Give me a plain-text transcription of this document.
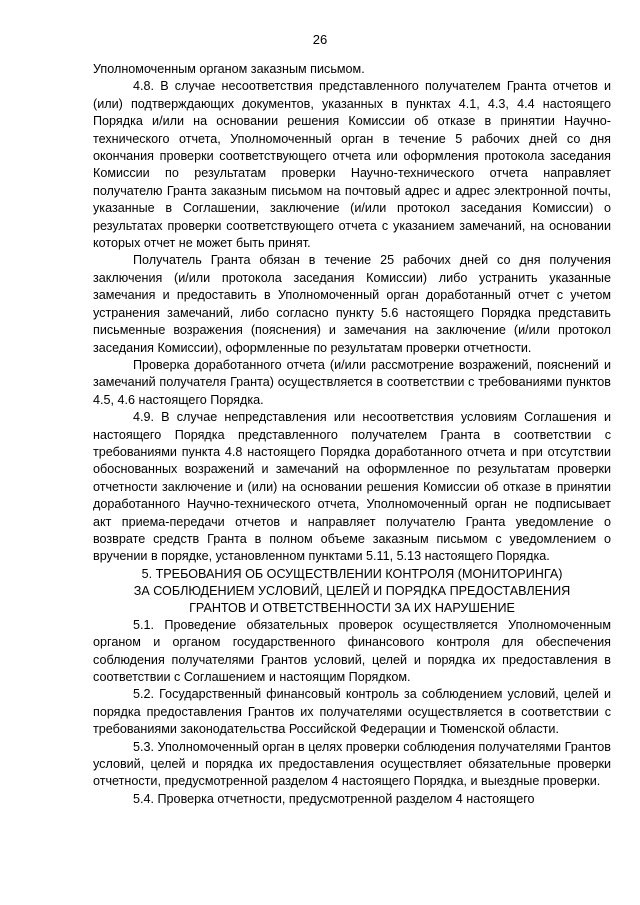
26

Уполномоченным органом заказным письмом.

4.8. В случае несоответствия представленного получателем Гранта отчетов и (или) подтверждающих документов, указанных в пунктах 4.1, 4.3, 4.4 настоящего Порядка и/или на основании решения Комиссии об отказе в принятии Научно-технического отчета, Уполномоченный орган в течение 5 рабочих дней со дня окончания проверки соответствующего отчета или оформления протокола заседания Комиссии по результатам проверки Научно-технического отчета направляет получателю Гранта заказным письмом на почтовый адрес и адрес электронной почты, указанные в Соглашении, заключение (и/или протокол заседания Комиссии) о результатах проверки соответствующего отчета с указанием замечаний, на основании которых отчет не может быть принят.

Получатель Гранта обязан в течение 25 рабочих дней со дня получения заключения (и/или протокола заседания Комиссии) либо устранить указанные замечания и предоставить в Уполномоченный орган доработанный отчет с учетом устранения замечаний, либо согласно пункту 5.6 настоящего Порядка представить письменные возражения (пояснения) и замечания на заключение (и/или протокол заседания Комиссии), оформленные по результатам проверки отчетности.

Проверка доработанного отчета (и/или рассмотрение возражений, пояснений и замечаний получателя Гранта) осуществляется в соответствии с требованиями пунктов 4.5, 4.6 настоящего Порядка.

4.9. В случае непредставления или несоответствия условиям Соглашения и настоящего Порядка представленного получателем Гранта в соответствии с требованиями пункта 4.8 настоящего Порядка доработанного отчета и при отсутствии обоснованных возражений и замечаний на оформленное по результатам проверки отчетности заключение и (или) на основании решения Комиссии об отказе в принятии доработанного Научно-технического отчета, Уполномоченный орган не подписывает акт приема-передачи отчетов и направляет получателю Гранта уведомление о возврате средств Гранта в полном объеме заказным письмом с уведомлением о вручении в порядке, установленном пунктами 5.11, 5.13 настоящего Порядка.

5. ТРЕБОВАНИЯ ОБ ОСУЩЕСТВЛЕНИИ КОНТРОЛЯ (МОНИТОРИНГА)

ЗА СОБЛЮДЕНИЕМ УСЛОВИЙ, ЦЕЛЕЙ И ПОРЯДКА ПРЕДОСТАВЛЕНИЯ

ГРАНТОВ И ОТВЕТСТВЕННОСТИ ЗА ИХ НАРУШЕНИЕ

5.1. Проведение обязательных проверок осуществляется Уполномоченным органом и органом государственного финансового контроля для обеспечения соблюдения получателями Грантов условий, целей и порядка их предоставления в соответствии с Соглашением и настоящим Порядком.

5.2. Государственный финансовый контроль за соблюдением условий, целей и порядка предоставления Грантов их получателями осуществляется в соответствии с требованиями законодательства Российской Федерации и Тюменской области.

5.3. Уполномоченный орган в целях проверки соблюдения получателями Грантов условий, целей и порядка их предоставления осуществляет обязательные проверки отчетности, предусмотренной разделом 4 настоящего Порядка, и выездные проверки.

5.4. Проверка отчетности, предусмотренной разделом 4 настоящего
